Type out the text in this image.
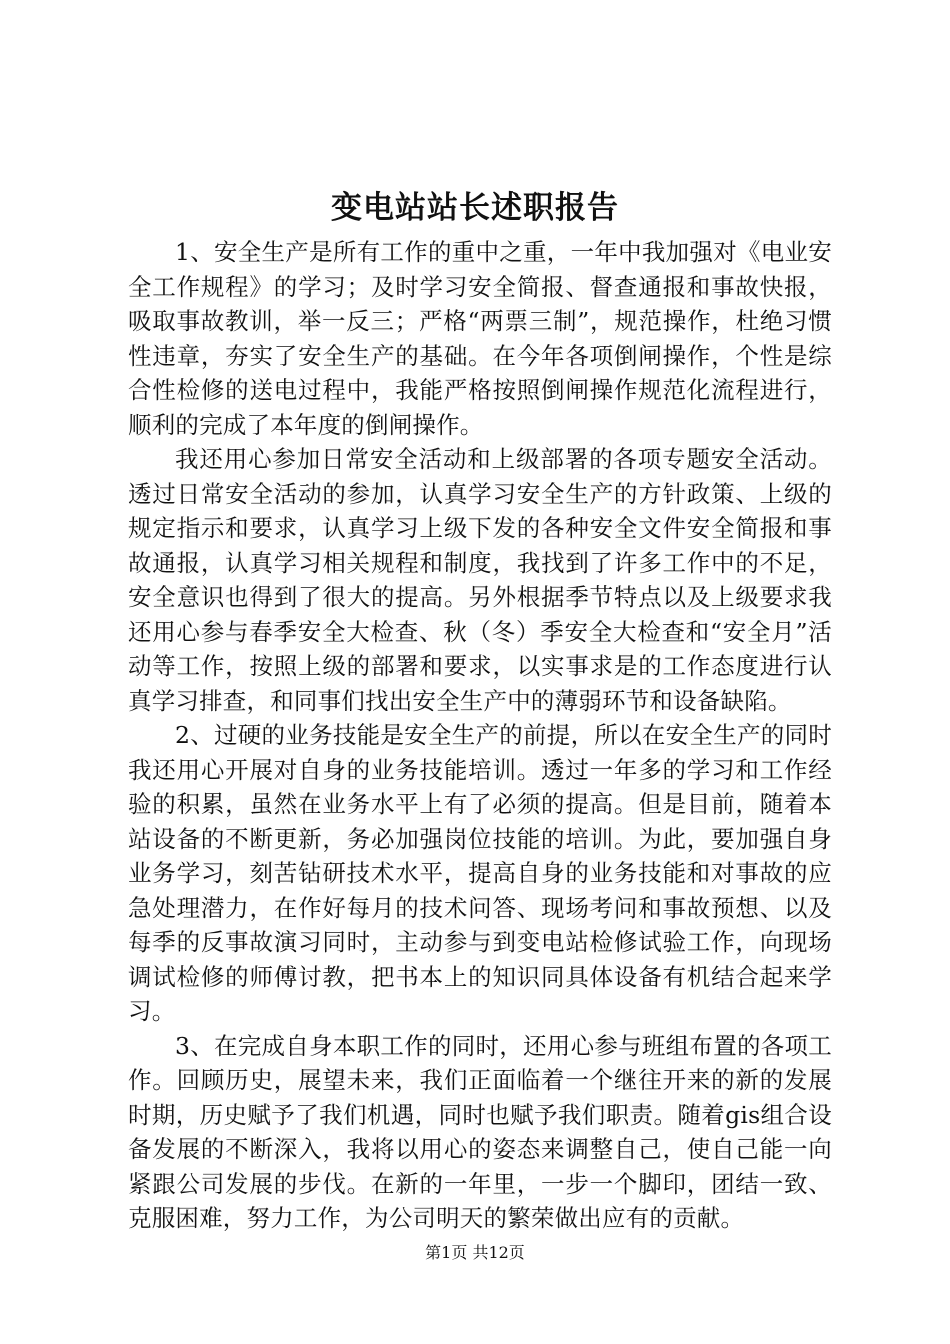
变电站站长述职报告

1、安全生产是所有工作的重中之重，一年中我加强对《电业安全工作规程》的学习；及时学习安全简报、督查通报和事故快报，吸取事故教训，举一反三；严格“两票三制”，规范操作，杜绝习惯性违章，夯实了安全生产的基础。在今年各项倒闸操作，个性是综合性检修的送电过程中，我能严格按照倒闸操作规范化流程进行，顺利的完成了本年度的倒闸操作。

我还用心参加日常安全活动和上级部署的各项专题安全活动。透过日常安全活动的参加，认真学习安全生产的方针政策、上级的规定指示和要求，认真学习上级下发的各种安全文件安全简报和事故通报，认真学习相关规程和制度，我找到了许多工作中的不足，安全意识也得到了很大的提高。另外根据季节特点以及上级要求我还用心参与春季安全大检查、秋（冬）季安全大检查和“安全月”活动等工作，按照上级的部署和要求，以实事求是的工作态度进行认真学习排查，和同事们找出安全生产中的薄弱环节和设备缺陷。

2、过硬的业务技能是安全生产的前提，所以在安全生产的同时我还用心开展对自身的业务技能培训。透过一年多的学习和工作经验的积累，虽然在业务水平上有了必须的提高。但是目前，随着本站设备的不断更新，务必加强岗位技能的培训。为此，要加强自身业务学习，刻苦钻研技术水平，提高自身的业务技能和对事故的应急处理潜力，在作好每月的技术问答、现场考问和事故预想、以及每季的反事故演习同时，主动参与到变电站检修试验工作，向现场调试检修的师傅讨教，把书本上的知识同具体设备有机结合起来学习。

3、在完成自身本职工作的同时，还用心参与班组布置的各项工作。回顾历史，展望未来，我们正面临着一个继往开来的新的发展时期，历史赋予了我们机遇，同时也赋予我们职责。随着gis组合设备发展的不断深入，我将以用心的姿态来调整自己，使自己能一向紧跟公司发展的步伐。在新的一年里，一步一个脚印，团结一致、克服困难，努力工作，为公司明天的繁荣做出应有的贡献。

第1页 共12页
